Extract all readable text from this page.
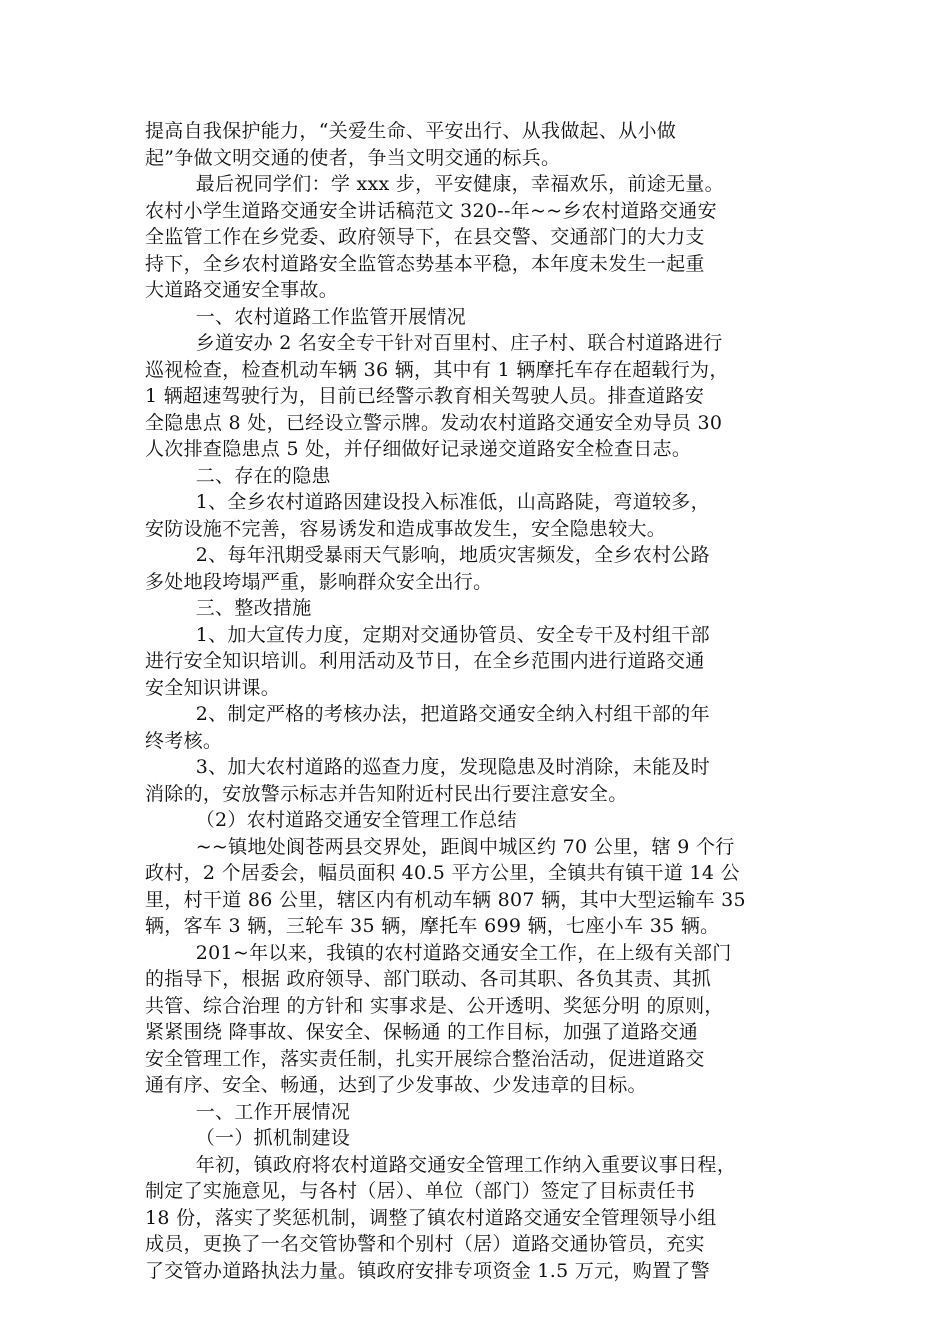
提高自我保护能力，“关爱生命、平安出行、从我做起、从小做
起”争做文明交通的使者，争当文明交通的标兵。
最后祝同学们：学 xxx 步，平安健康，幸福欢乐，前途无量。
农村小学生道路交通安全讲话稿范文 320--年~~乡农村道路交通安
全监管工作在乡党委、政府领导下，在县交警、交通部门的大力支
持下，全乡农村道路安全监管态势基本平稳，本年度未发生一起重
大道路交通安全事故。
一、农村道路工作监管开展情况
乡道安办 2 名安全专干针对百里村、庄子村、联合村道路进行
巡视检查，检查机动车辆 36 辆，其中有 1 辆摩托车存在超载行为，
1 辆超速驾驶行为，目前已经警示教育相关驾驶人员。排查道路安
全隐患点 8 处，已经设立警示牌。发动农村道路交通安全劝导员 30
人次排查隐患点 5 处，并仔细做好记录递交道路安全检查日志。
二、存在的隐患
1、全乡农村道路因建设投入标准低，山高路陡，弯道较多，
安防设施不完善，容易诱发和造成事故发生，安全隐患较大。
2、每年汛期受暴雨天气影响，地质灾害频发，全乡农村公路
多处地段垮塌严重，影响群众安全出行。
三、整改措施
1、加大宣传力度，定期对交通协管员、安全专干及村组干部
进行安全知识培训。利用活动及节日，在全乡范围内进行道路交通
安全知识讲课。
2、制定严格的考核办法，把道路交通安全纳入村组干部的年
终考核。
3、加大农村道路的巡查力度，发现隐患及时消除，未能及时
消除的，安放警示标志并告知附近村民出行要注意安全。
（2）农村道路交通安全管理工作总结
~~镇地处阆苍两县交界处，距阆中城区约 70 公里，辖 9 个行
政村，2 个居委会，幅员面积 40.5 平方公里，全镇共有镇干道 14 公
里，村干道 86 公里，辖区内有机动车辆 807 辆，其中大型运输车 35
辆，客车 3 辆，三轮车 35 辆，摩托车 699 辆，七座小车 35 辆。
201~年以来，我镇的农村道路交通安全工作，在上级有关部门
的指导下，根据 政府领导、部门联动、各司其职、各负其责、其抓
共管、综合治理 的方针和 实事求是、公开透明、奖惩分明 的原则，
紧紧围绕 降事故、保安全、保畅通 的工作目标，加强了道路交通
安全管理工作，落实责任制，扎实开展综合整治活动，促进道路交
通有序、安全、畅通，达到了少发事故、少发违章的目标。
一、工作开展情况
（一）抓机制建设
年初，镇政府将农村道路交通安全管理工作纳入重要议事日程，
制定了实施意见，与各村（居）、单位（部门）签定了目标责任书
18 份，落实了奖惩机制，调整了镇农村道路交通安全管理领导小组
成员，更换了一名交管协警和个别村（居）道路交通协管员，充实
了交管办道路执法力量。镇政府安排专项资金 1.5 万元，购置了警
